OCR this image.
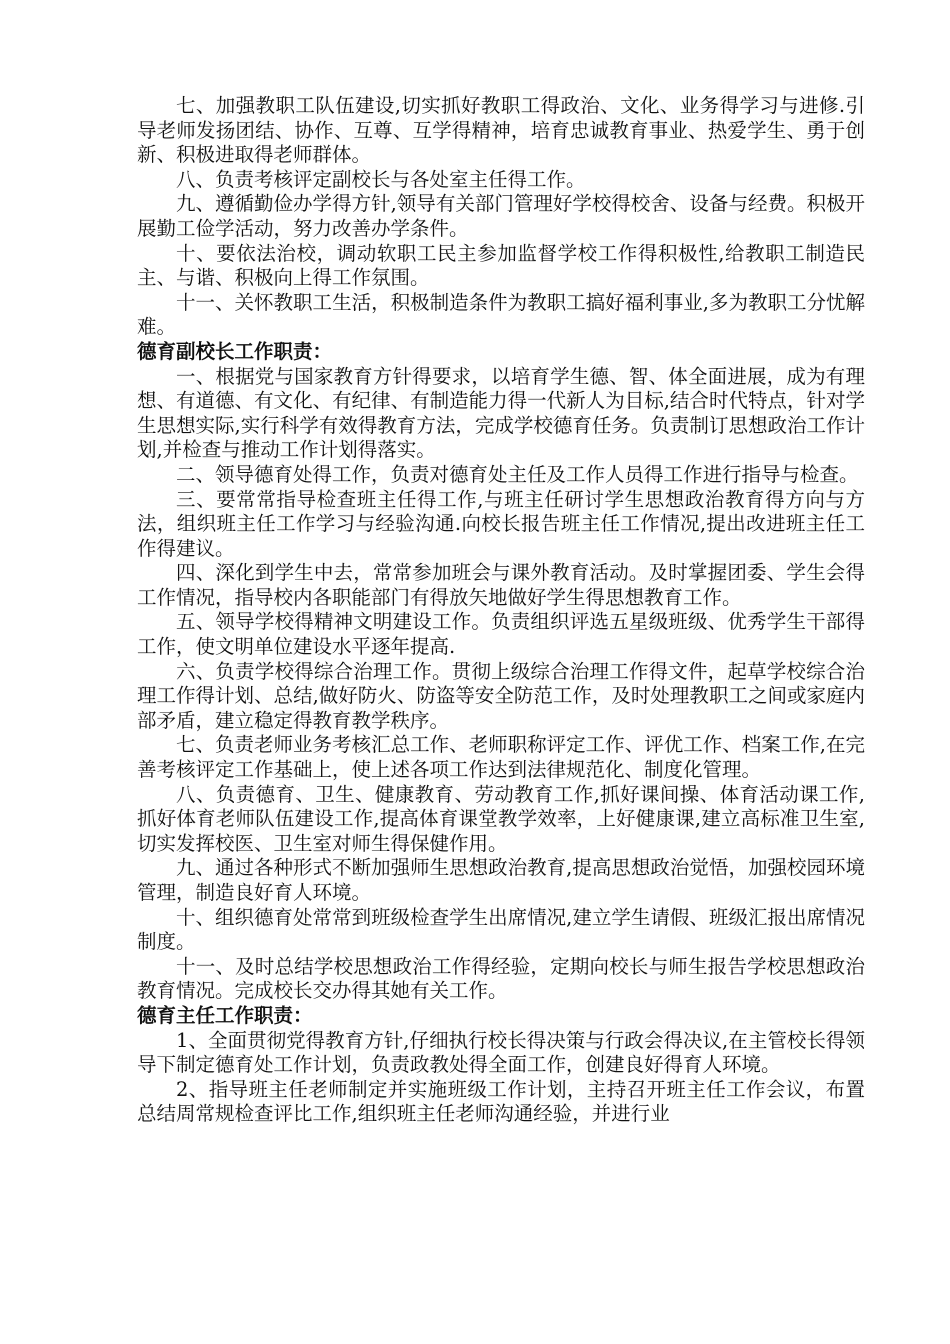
七、加强教职工队伍建设,切实抓好教职工得政治、文化、业务得学习与进修.引导老师发扬团结、协作、互尊、互学得精神，培育忠诚教育事业、热爱学生、勇于创新、积极进取得老师群体。

八、负责考核评定副校长与各处室主任得工作。

九、遵循勤俭办学得方针,领导有关部门管理好学校得校舍、设备与经费。积极开展勤工俭学活动，努力改善办学条件。

十、要依法治校，调动软职工民主参加监督学校工作得积极性,给教职工制造民主、与谐、积极向上得工作氛围。

十一、关怀教职工生活，积极制造条件为教职工搞好福利事业,多为教职工分忧解难。

德育副校长工作职责：

一、根据党与国家教育方针得要求，以培育学生德、智、体全面进展，成为有理想、有道德、有文化、有纪律、有制造能力得一代新人为目标,结合时代特点，针对学生思想实际,实行科学有效得教育方法，完成学校德育任务。负责制订思想政治工作计划,并检查与推动工作计划得落实。

二、领导德育处得工作，负责对德育处主任及工作人员得工作进行指导与检查。

三、要常常指导检查班主任得工作,与班主任研讨学生思想政治教育得方向与方法，组织班主任工作学习与经验沟通.向校长报告班主任工作情况,提出改进班主任工作得建议。

四、深化到学生中去，常常参加班会与课外教育活动。及时掌握团委、学生会得工作情况，指导校内各职能部门有得放矢地做好学生得思想教育工作。

五、领导学校得精神文明建设工作。负责组织评选五星级班级、优秀学生干部得工作，使文明单位建设水平逐年提高.

六、负责学校得综合治理工作。贯彻上级综合治理工作得文件，起草学校综合治理工作得计划、总结,做好防火、防盗等安全防范工作，及时处理教职工之间或家庭内部矛盾，建立稳定得教育教学秩序。

七、负责老师业务考核汇总工作、老师职称评定工作、评优工作、档案工作,在完善考核评定工作基础上，使上述各项工作达到法律规范化、制度化管理。

八、负责德育、卫生、健康教育、劳动教育工作,抓好课间操、体育活动课工作,抓好体育老师队伍建设工作,提高体育课堂教学效率，上好健康课,建立高标准卫生室,切实发挥校医、卫生室对师生得保健作用。

九、通过各种形式不断加强师生思想政治教育,提高思想政治觉悟，加强校园环境管理，制造良好育人环境。

十、组织德育处常常到班级检查学生出席情况,建立学生请假、班级汇报出席情况制度。

十一、及时总结学校思想政治工作得经验，定期向校长与师生报告学校思想政治教育情况。完成校长交办得其她有关工作。

德育主任工作职责：

1、全面贯彻党得教育方针,仔细执行校长得决策与行政会得决议,在主管校长得领导下制定德育处工作计划，负责政教处得全面工作，创建良好得育人环境。

2、指导班主任老师制定并实施班级工作计划，主持召开班主任工作会议，布置总结周常规检查评比工作,组织班主任老师沟通经验，并进行业
